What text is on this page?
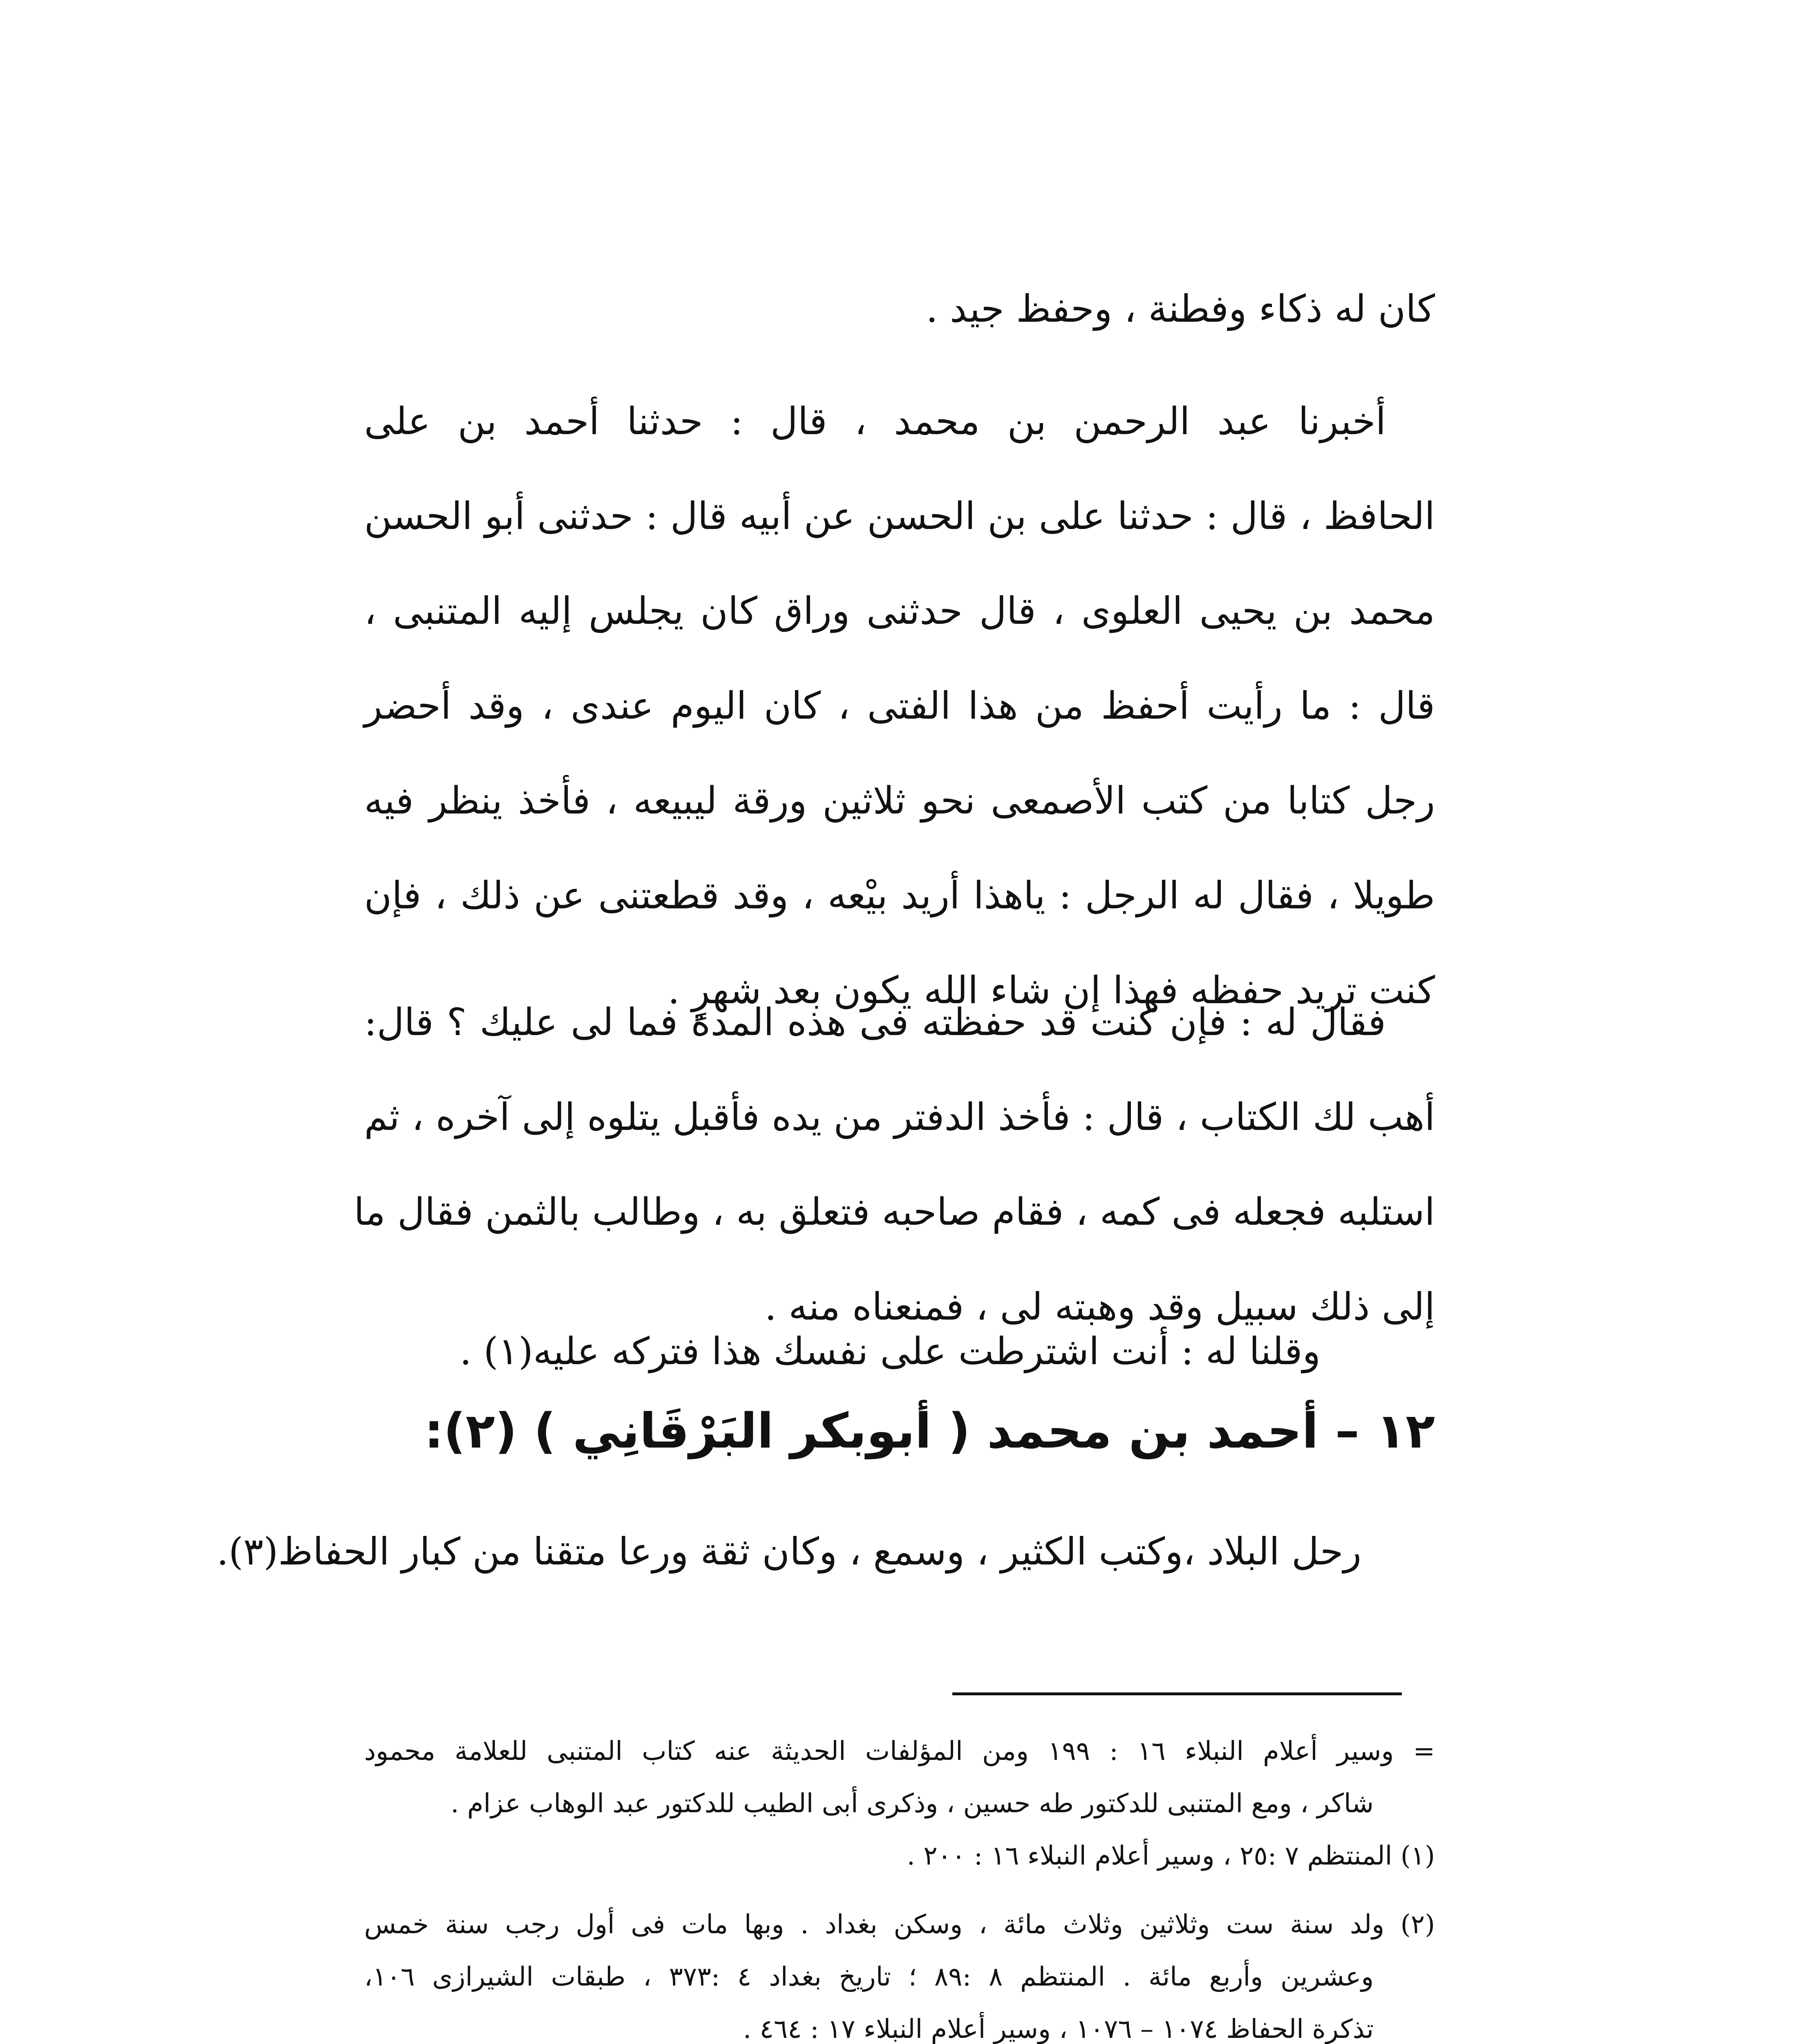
كان له ذكاء وفطنة ، وحفظ جيد .
أخبرنا عبد الرحمن بن محمد ، قال : حدثنا أحمد بن على
الحافظ ، قال : حدثنا على بن الحسن عن أبيه قال : حدثنى أبو الحسن
محمد بن يحيى العلوى ، قال حدثنى وراق كان يجلس إليه المتنبى ،
قال : ما رأيت أحفظ من هذا الفتى ، كان اليوم عندى ، وقد أحضر
رجل كتابا من كتب الأصمعى نحو ثلاثين ورقة ليبيعه ، فأخذ ينظر فيه
طويلا ، فقال له الرجل : ياهذا أريد بيْعه ، وقد قطعتنى عن ذلك ، فإن
كنت تريد حفظه فهذا إن شاء الله يكون بعد شهرٍ .
فقال له : فإن كنت قد حفظته فى هذه المدة فما لى عليك ؟ قال:
أهب لك الكتاب ، قال : فأخذ الدفتر من يده فأقبل يتلوه إلى آخره ، ثم
استلبه فجعله فى كمه ، فقام صاحبه فتعلق به ، وطالب بالثمن فقال ما
إلى ذلك سبيل وقد وهبته لى ، فمنعناه منه .
وقلنا له : أنت اشترطت على نفسك هذا فتركه عليه(١) .
١٢ – أحمد بن محمد ( أبوبكر البَرْقَانِي ) (٢):
رحل البلاد ،وكتب الكثير ، وسمع ، وكان ثقة ورعا متقنا من كبار الحفاظ(٣).
= وسير أعلام النبلاء ١٦ : ١٩٩ ومن المؤلفات الحديثة عنه كتاب المتنبى للعلامة محمود
شاكر ، ومع المتنبى للدكتور طه حسين ، وذكرى أبى الطيب للدكتور عبد الوهاب عزام .
(١) المنتظم ٧ :٢٥ ، وسير أعلام النبلاء ١٦ : ٢٠٠ .
(٢) ولد سنة ست وثلاثين وثلاث مائة ، وسكن بغداد . وبها مات فى أول رجب سنة خمس
وعشرين وأربع مائة . المنتظم ٨ :٨٩ ؛ تاريخ بغداد ٤ :٣٧٣ ، طبقات الشيرازى ١٠٦،
تذكرة الحفاظ ١٠٧٤ – ١٠٧٦ ، وسير أعلام النبلاء ١٧ : ٤٦٤ .
